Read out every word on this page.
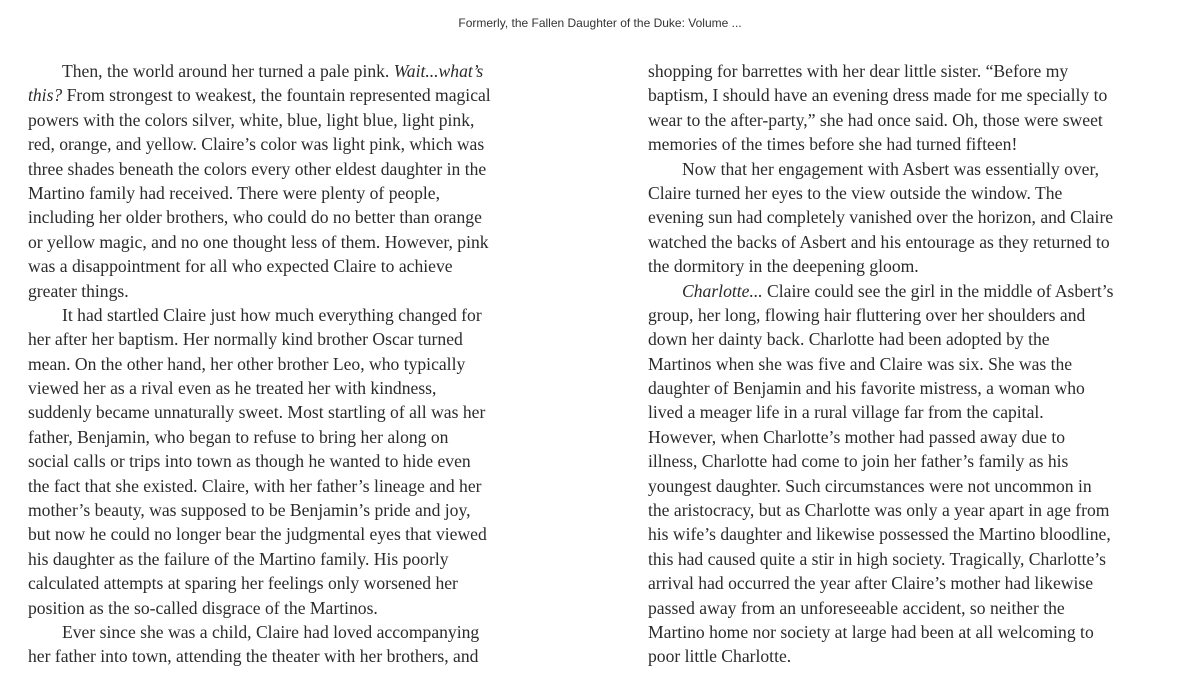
Formerly, the Fallen Daughter of the Duke: Volume ...
Then, the world around her turned a pale pink. Wait...what’s
this? From strongest to weakest, the fountain represented magical
powers with the colors silver, white, blue, light blue, light pink,
red, orange, and yellow. Claire’s color was light pink, which was
three shades beneath the colors every other eldest daughter in the
Martino family had received. There were plenty of people,
including her older brothers, who could do no better than orange
or yellow magic, and no one thought less of them. However, pink
was a disappointment for all who expected Claire to achieve
greater things.
It had startled Claire just how much everything changed for
her after her baptism. Her normally kind brother Oscar turned
mean. On the other hand, her other brother Leo, who typically
viewed her as a rival even as he treated her with kindness,
suddenly became unnaturally sweet. Most startling of all was her
father, Benjamin, who began to refuse to bring her along on
social calls or trips into town as though he wanted to hide even
the fact that she existed. Claire, with her father’s lineage and her
mother’s beauty, was supposed to be Benjamin’s pride and joy,
but now he could no longer bear the judgmental eyes that viewed
his daughter as the failure of the Martino family. His poorly
calculated attempts at sparing her feelings only worsened her
position as the so-called disgrace of the Martinos.
Ever since she was a child, Claire had loved accompanying
her father into town, attending the theater with her brothers, and
shopping for barrettes with her dear little sister. “Before my
baptism, I should have an evening dress made for me specially to
wear to the after-party,” she had once said. Oh, those were sweet
memories of the times before she had turned fifteen!
Now that her engagement with Asbert was essentially over,
Claire turned her eyes to the view outside the window. The
evening sun had completely vanished over the horizon, and Claire
watched the backs of Asbert and his entourage as they returned to
the dormitory in the deepening gloom.
Charlotte... Claire could see the girl in the middle of Asbert’s
group, her long, flowing hair fluttering over her shoulders and
down her dainty back. Charlotte had been adopted by the
Martinos when she was five and Claire was six. She was the
daughter of Benjamin and his favorite mistress, a woman who
lived a meager life in a rural village far from the capital.
However, when Charlotte’s mother had passed away due to
illness, Charlotte had come to join her father’s family as his
youngest daughter. Such circumstances were not uncommon in
the aristocracy, but as Charlotte was only a year apart in age from
his wife’s daughter and likewise possessed the Martino bloodline,
this had caused quite a stir in high society. Tragically, Charlotte’s
arrival had occurred the year after Claire’s mother had likewise
passed away from an unforeseeable accident, so neither the
Martino home nor society at large had been at all welcoming to
poor little Charlotte.
